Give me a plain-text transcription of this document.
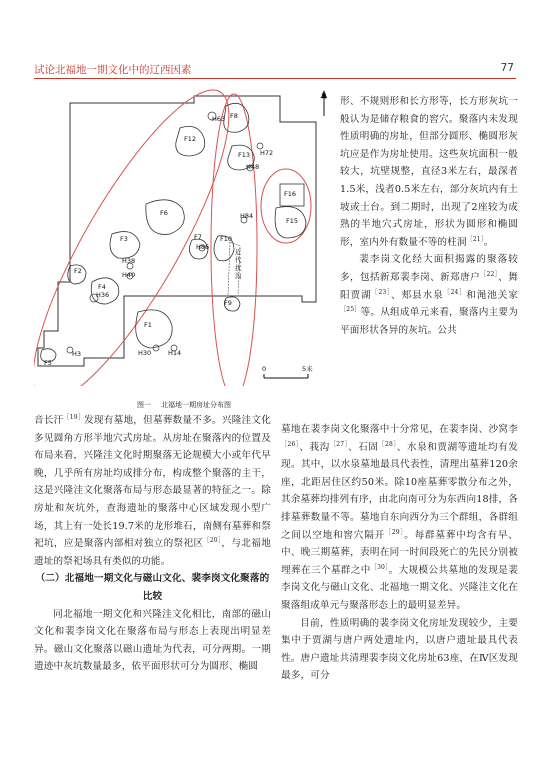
试论北福地一期文化中的辽西因素	77
北
H63 F8
F12
F13 H72
H48
F16
F15
F6	H84
F3
H86
F7	F10
F2
H38
H40
F4
H36
F1
H30	H14
H3
F5
F9
近代扰沟
0	5米
图一 北福地一期房址分布图

形、不规则形和长方形等，长方形灰坑一般认为是储存粮食的窖穴。聚落内未发现性质明确的房址，但部分圆形、椭圆形灰坑应是作为房址使用。这些灰坑面积一般较大，坑壁规整，直径3米左右，最深者1.5米，浅者0.5米左右，部分灰坑内有土坡或土台。到二期时，出现了2座较为成熟的半地穴式房址，形状为圆形和椭圆形，室内外有数量不等的柱洞$^{[21]}$。

裴李岗文化经大面积揭露的聚落较多，包括新郑裴李岗、新郑唐户$^{[22]}$、舞阳贾湖$^{[23]}$、郏县水泉$^{[24]}$和渑池关家$^{[25]}$等。从组成单元来看，聚落内主要为平面形状各异的灰坑。公共

音长汗$^{[19]}$发现有墓地，但墓葬数量不多。兴隆洼文化多见圆角方形半地穴式房址。从房址在聚落内的位置及布局来看，兴隆洼文化时期聚落无论规模大小或年代早晚，几乎所有房址均成排分布，构成整个聚落的主干，这是兴隆洼文化聚落布局与形态最显著的特征之一。除房址和灰坑外，查海遗址的聚落中心区域发现小型广场，其上有一处长19.7米的龙形堆石，南侧有墓葬和祭祀坑，应是聚落内部相对独立的祭祀区$^{[20]}$，与北福地遗址的祭祀场具有类似的功能。

（二）北福地一期文化与磁山文化、裴李岗文化聚落的比较

同北福地一期文化和兴隆洼文化相比，南部的磁山文化和裴李岗文化在聚落布局与形态上表现出明显差异。磁山文化聚落以磁山遗址为代表，可分两期。一期遗迹中灰坑数量最多，依平面形状可分为圆形、椭圆

墓地在裴李岗文化聚落中十分常见，在裴李岗、沙窝李$^{[26]}$、莪沟$^{[27]}$、石固$^{[28]}$、水泉和贾湖等遗址均有发现。其中，以水泉墓地最具代表性，清理出墓葬120余座，北距居住区约50米。除10座墓葬零散分布之外，其余墓葬均排列有序，由北向南可分为东西向18排，各排墓葬数量不等。墓地自东向西分为三个群组，各群组之间以空地和窖穴隔开$^{[29]}$。每群墓葬中均含有早、中、晚三期墓葬，表明在同一时间段死亡的先民分别被埋葬在三个墓群之中$^{[30]}$。大规模公共墓地的发现是裴李岗文化与磁山文化、北福地一期文化、兴隆洼文化在聚落组成单元与聚落形态上的最明显差异。

目前，性质明确的裴李岗文化房址发现较少，主要集中于贾湖与唐户两处遗址内，以唐户遗址最具代表性。唐户遗址共清理裴李岗文化房址63座，在Ⅳ区发现最多，可分
